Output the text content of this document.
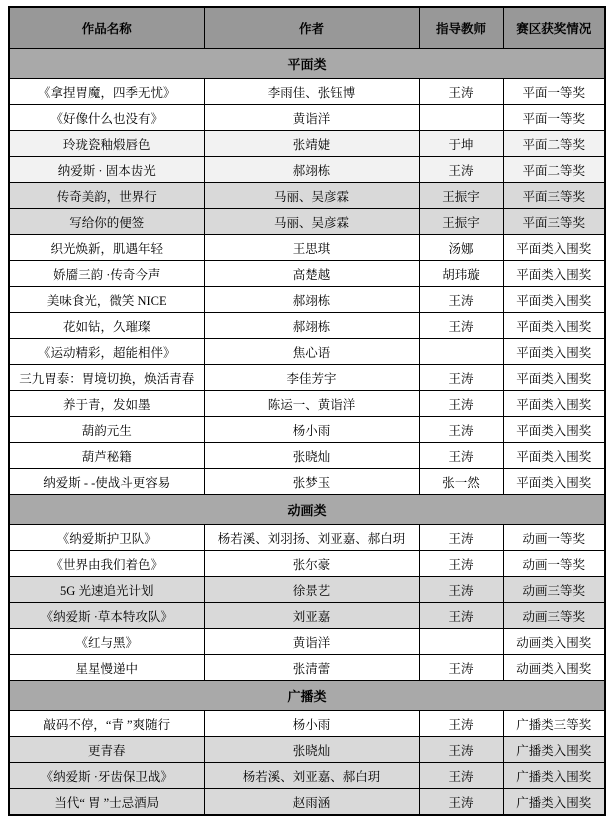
作品名称	作者	指导教师	赛区获奖情况
平面类			
《拿捏胃魔，四季无忧》	李雨佳、张钰博	王涛	平面一等奖
《好像什么也没有》	黄诣洋		平面一等奖
玲珑瓷釉煅唇色	张靖婕	于坤	平面二等奖
纳爱斯 · 固本齿光	郝翊栋	王涛	平面二等奖
传奇美韵，世界行	马丽、吴彦霖	王振宇	平面三等奖
写给你的便签	马丽、吴彦霖	王振宇	平面三等奖
织光焕新，肌遇年轻	王思琪	汤娜	平面类入围奖
娇靥三韵 ·传奇今声	高楚越	胡玮璇	平面类入围奖
美味食光，微笑 NICE	郝翊栋	王涛	平面类入围奖
花如钻，久璀璨	郝翊栋	王涛	平面类入围奖
《运动精彩，超能相伴》	焦心语		平面类入围奖
三九胃泰：胃境切换，焕活青春	李佳芳宇	王涛	平面类入围奖
养于青，发如墨	陈运一、黄诣洋	王涛	平面类入围奖
葫韵元生	杨小雨	王涛	平面类入围奖
葫芦秘籍	张晓灿	王涛	平面类入围奖
纳爱斯 - -使战斗更容易	张梦玉	张一然	平面类入围奖
动画类			
《纳爱斯护卫队》	杨若溪、刘羽扬、刘亚嘉、郝白玥	王涛	动画一等奖
《世界由我们着色》	张尔豪	王涛	动画一等奖
5G 光速追光计划	徐景艺	王涛	动画三等奖
《纳爱斯 ·草本特攻队》	刘亚嘉	王涛	动画三等奖
《红与黑》	黄诣洋		动画类入围奖
星星慢递中	张清蕾	王涛	动画类入围奖
广播类			
敲码不停，“青 ”爽随行	杨小雨	王涛	广播类三等奖
更青春	张晓灿	王涛	广播类入围奖
《纳爱斯 ·牙齿保卫战》	杨若溪、刘亚嘉、郝白玥	王涛	广播类入围奖
当代“ 胃 ”士忌酒局	赵雨涵	王涛	广播类入围奖
